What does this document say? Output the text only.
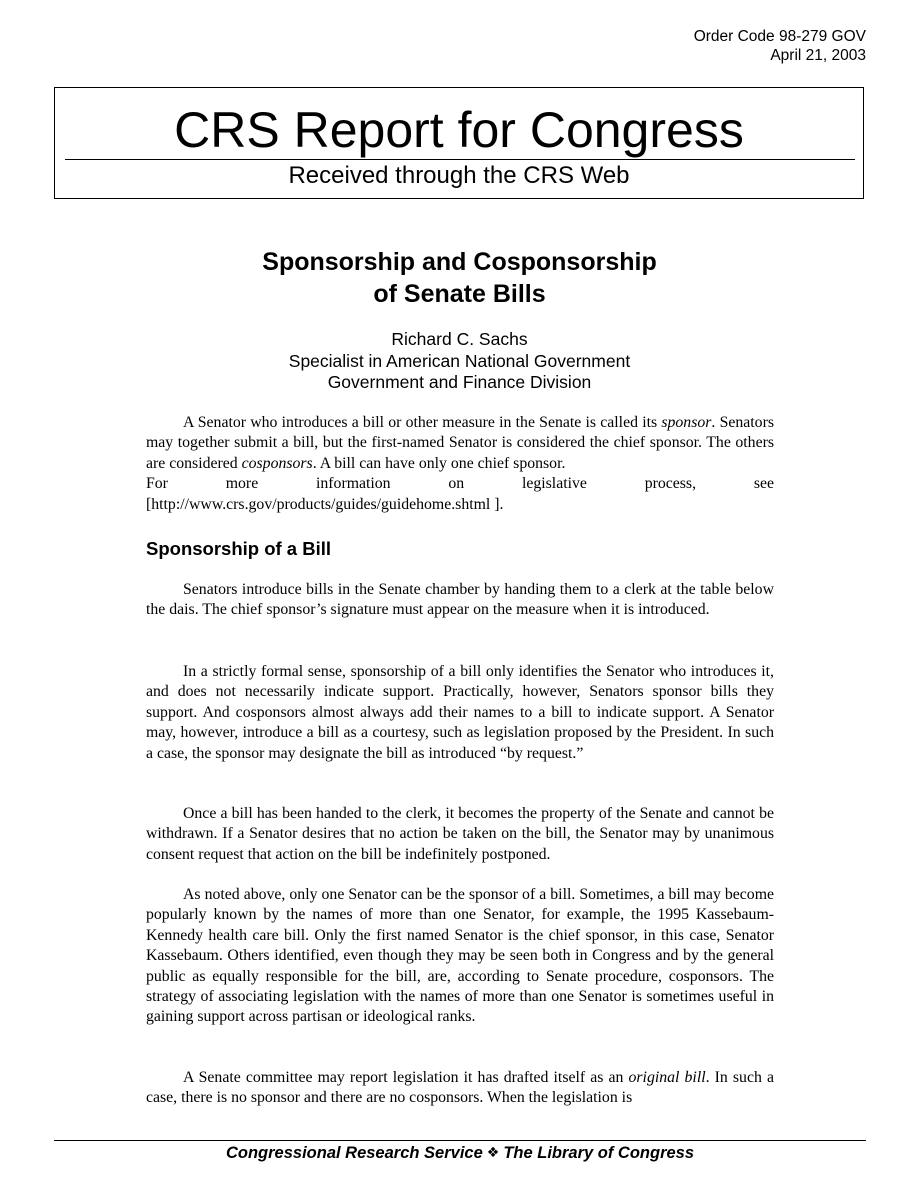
Order Code 98-279 GOV
April 21, 2003
CRS Report for Congress
Received through the CRS Web
Sponsorship and Cosponsorship
of Senate Bills
Richard C. Sachs
Specialist in American National Government
Government and Finance Division

A Senator who introduces a bill or other measure in the Senate is called its sponsor. Senators may together submit a bill, but the first-named Senator is considered the chief sponsor. The others are considered cosponsors. A bill can have only one chief sponsor.

For more information on legislative process, see
[http://www.crs.gov/products/guides/guidehome.shtml ].
Sponsorship of a Bill

Senators introduce bills in the Senate chamber by handing them to a clerk at the table below the dais. The chief sponsor’s signature must appear on the measure when it is introduced.

In a strictly formal sense, sponsorship of a bill only identifies the Senator who introduces it, and does not necessarily indicate support. Practically, however, Senators sponsor bills they support. And cosponsors almost always add their names to a bill to indicate support. A Senator may, however, introduce a bill as a courtesy, such as legislation proposed by the President. In such a case, the sponsor may designate the bill as introduced “by request.”

Once a bill has been handed to the clerk, it becomes the property of the Senate and cannot be withdrawn. If a Senator desires that no action be taken on the bill, the Senator may by unanimous consent request that action on the bill be indefinitely postponed.

As noted above, only one Senator can be the sponsor of a bill. Sometimes, a bill may become popularly known by the names of more than one Senator, for example, the 1995 Kassebaum-Kennedy health care bill. Only the first named Senator is the chief sponsor, in this case, Senator Kassebaum. Others identified, even though they may be seen both in Congress and by the general public as equally responsible for the bill, are, according to Senate procedure, cosponsors. The strategy of associating legislation with the names of more than one Senator is sometimes useful in gaining support across partisan or ideological ranks.

A Senate committee may report legislation it has drafted itself as an original bill. In such a case, there is no sponsor and there are no cosponsors. When the legislation is

Congressional Research Service ❖ The Library of Congress
